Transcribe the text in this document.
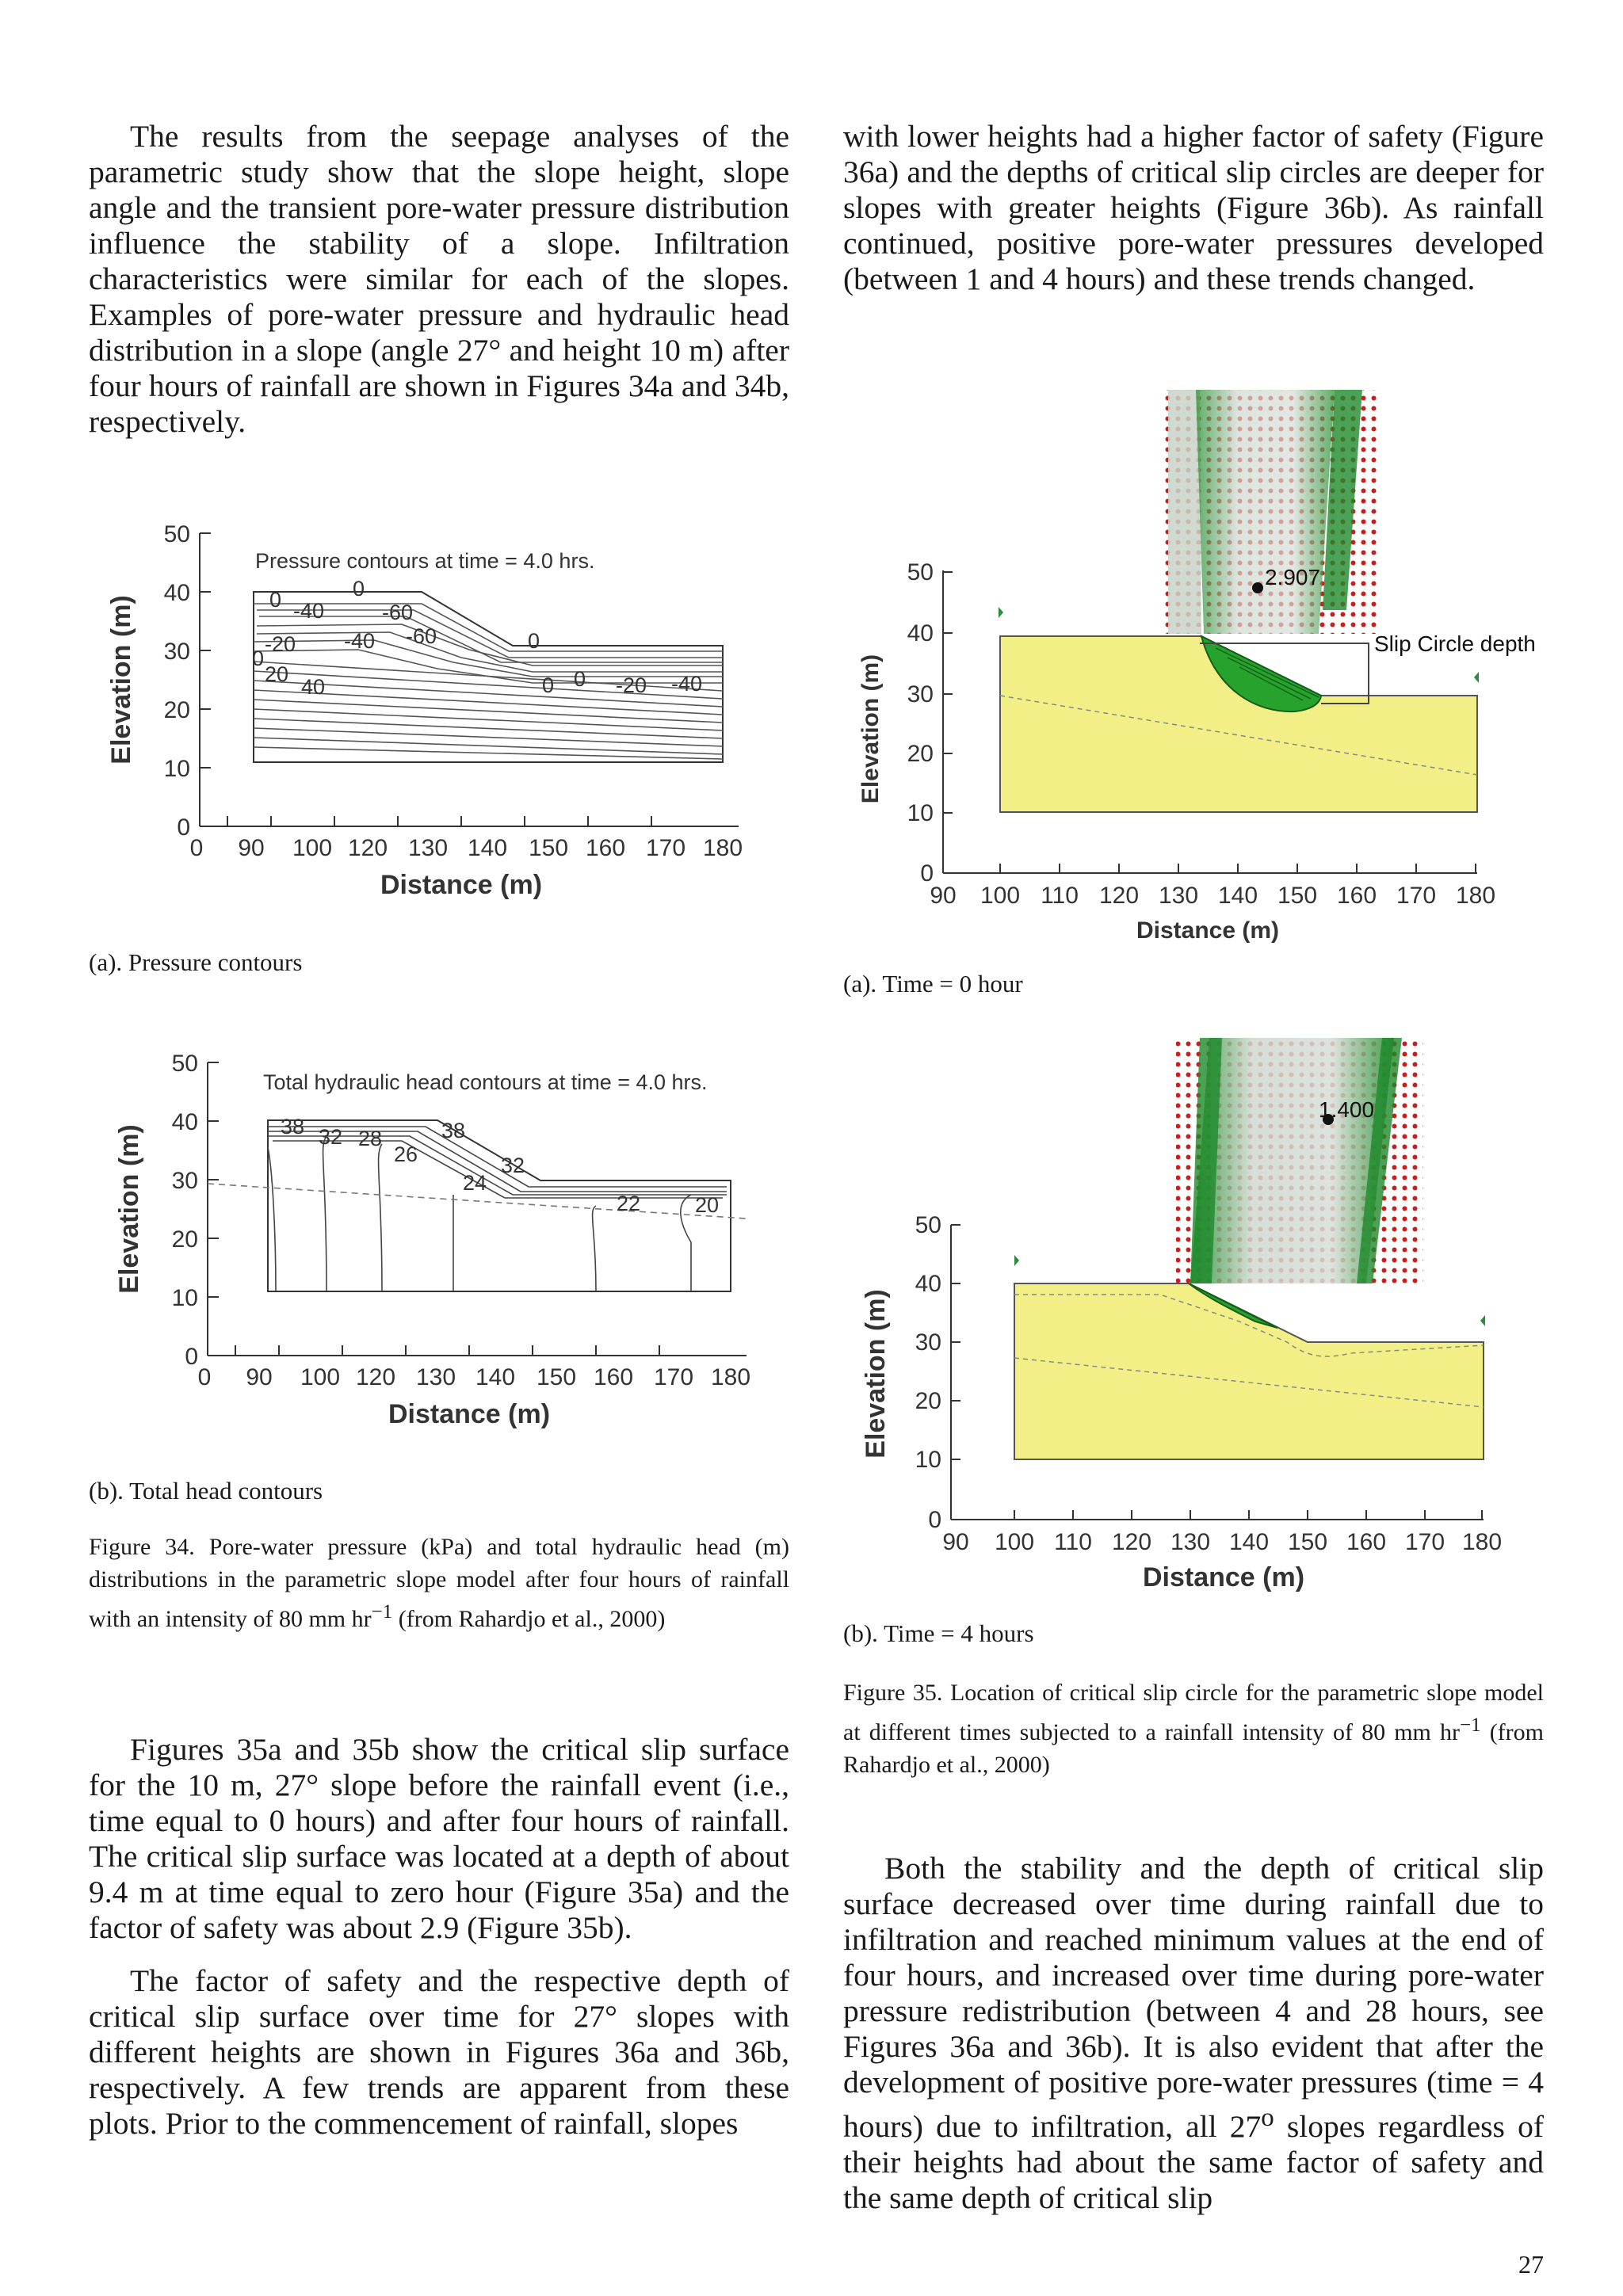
The results from the seepage analyses of the parametric study show that the slope height, slope angle and the transient pore-water pressure distribution influence the stability of a slope. Infiltration characteristics were similar for each of the slopes. Examples of pore-water pressure and hydraulic head distribution in a slope (angle 27° and height 10 m) after four hours of rainfall are shown in Figures 34a and 34b, respectively.

0
10
20
30
40
50
0 90 100 120 130 140 150 160 170 180
Distance (m)
Elevation (m)
Pressure contours at time = 4.0 hrs.
0	0
-40	-60
-60
-20 -40
0
20
40
0
0
0	-20 -40

(a). Pressure contours

0
10
20
30
40
50
0 90 100 120 130 140 150 160 170 180
Distance (m)
Elevation (m)
Total hydraulic head contours at time = 4.0 hrs.
38 32 28
26
38
32
24
22	20

(b). Total head contours

Figure 34. Pore-water pressure (kPa) and total hydraulic head (m) distributions in the parametric slope model after four hours of rainfall with an intensity of 80 mm $hr^{-1}$ (from Rahardjo et al., 2000)

Figures 35a and 35b show the critical slip surface for the 10 m, 27° slope before the rainfall event (i.e., time equal to 0 hours) and after four hours of rainfall. The critical slip surface was located at a depth of about 9.4 m at time equal to zero hour (Figure 35a) and the factor of safety was about 2.9 (Figure 35b).

The factor of safety and the respective depth of critical slip surface over time for 27° slopes with different heights are shown in Figures 36a and 36b, respectively. A few trends are apparent from these plots. Prior to the commencement of rainfall, slopes

with lower heights had a higher factor of safety (Figure 36a) and the depths of critical slip circles are deeper for slopes with greater heights (Figure 36b). As rainfall continued, positive pore-water pressures developed (between 1 and 4 hours) and these trends changed.

2.907
Slip Circle depth
0
10
20
30
40
50
90 100 110 120 130 140 150 160 170 180
Distance (m)
Elevation (m)

(a). Time = 0 hour

1.400
0
10
20
30
40
50
90 100 110 120 130 140 150 160 170 180
Distance (m)
Elevation (m)

(b). Time = 4 hours

Figure 35. Location of critical slip circle for the parametric slope model at different times subjected to a rainfall intensity of 80 mm $hr^{-1}$ (from Rahardjo et al., 2000)

Both the stability and the depth of critical slip surface decreased over time during rainfall due to infiltration and reached minimum values at the end of four hours, and increased over time during pore-water pressure redistribution (between 4 and 28 hours, see Figures 36a and 36b). It is also evident that after the development of positive pore-water pressures (time = 4 hours) due to infiltration, all 27$^o$ slopes regardless of their heights had about the same factor of safety and the same depth of critical slip

27
